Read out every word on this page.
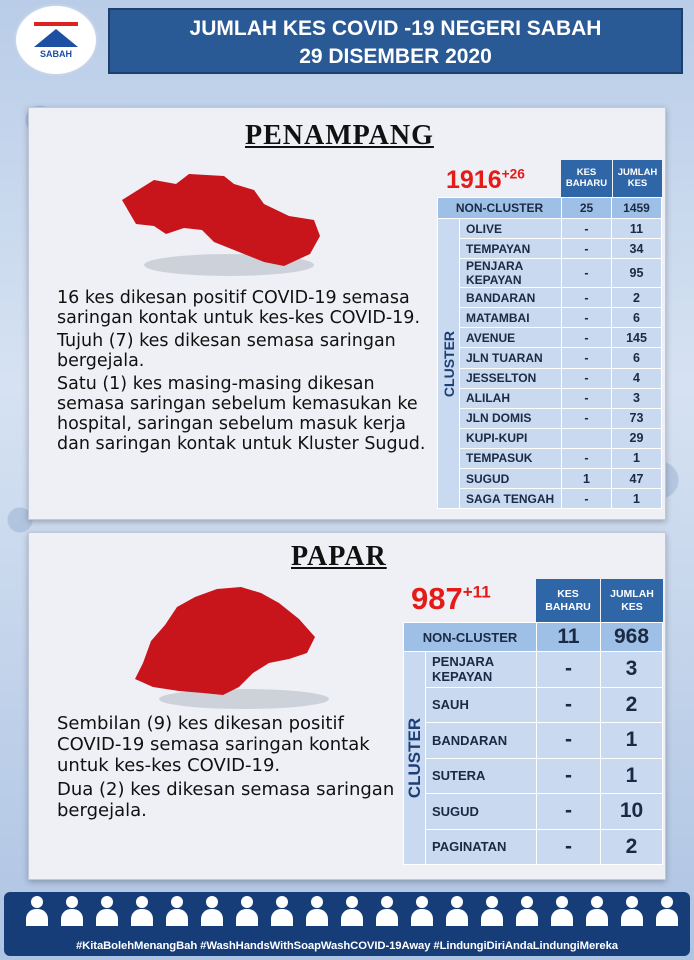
SABAH
JUMLAH KES COVID -19 NEGERI SABAH
29 DISEMBER 2020
PENAMPANG

16 kes dikesan positif COVID-19 semasa saringan kontak untuk kes-kes COVID-19.

Tujuh (7) kes dikesan semasa saringan bergejala.

Satu (1) kes masing-masing dikesan semasa saringan sebelum kemasukan ke hospital, saringan sebelum masuk kerja dan saringan kontak untuk Kluster Sugud.

$1916^{+26}$	KES BAHARU
JUMLAH KES
NON-CLUSTER		25	1459

CLUSTER	OLIVE	-	11
	TEMPAYAN	-	34
	PENJARA KEPAYAN	-	95
	BANDARAN	-	2
	MATAMBAI	-	6
	AVENUE	-	145
	JLN TUARAN	-	6
	JESSELTON	-	4
	ALILAH	-	3
	JLN DOMIS	-	73
	KUPI-KUPI		29
	TEMPASUK	-	1
	SUGUD	1	47
	SAGA TENGAH	-	1
PAPAR

Sembilan (9) kes dikesan positif COVID-19 semasa saringan kontak untuk kes-kes COVID-19.

Dua (2) kes dikesan semasa saringan bergejala.

$987^{+11}$	KES BAHARU
JUMLAH KES
NON-CLUSTER		11	968

CLUSTER	PENJARA KEPAYAN	-	3
	SAUH	-	2
	BANDARAN	-	1
	SUTERA	-	1
	SUGUD	-	10
	PAGINATAN	-	2
#KitaBolehMenangBah #WashHandsWithSoapWashCOVID-19Away #LindungiDiriAndaLindungiMereka
